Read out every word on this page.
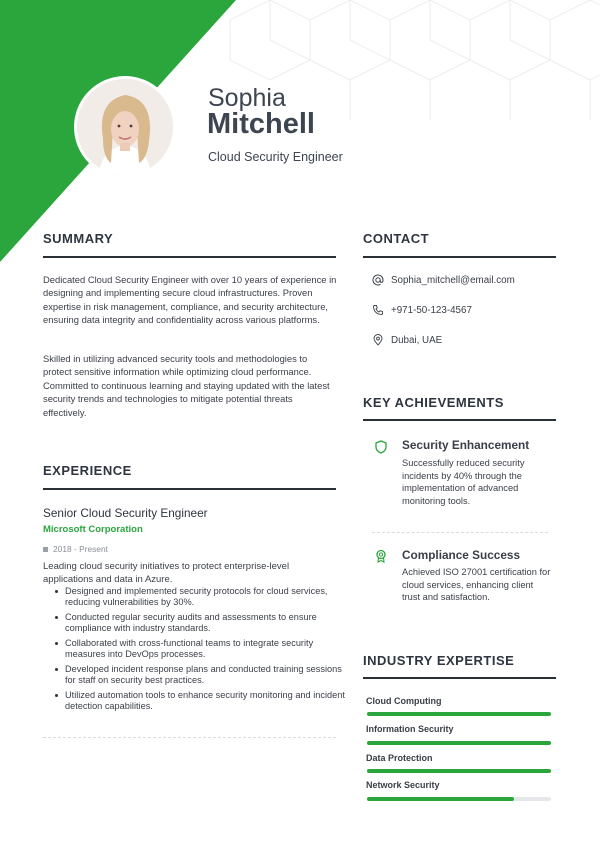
Sophia
Mitchell
Cloud Security Engineer
SUMMARY
Dedicated Cloud Security Engineer with over 10 years of experience in designing and implementing secure cloud infrastructures. Proven expertise in risk management, compliance, and security architecture, ensuring data integrity and confidentiality across various platforms.
Skilled in utilizing advanced security tools and methodologies to protect sensitive information while optimizing cloud performance. Committed to continuous learning and staying updated with the latest security trends and technologies to mitigate potential threats effectively.
EXPERIENCE
Senior Cloud Security Engineer
Microsoft Corporation
2018 - Present
Leading cloud security initiatives to protect enterprise-level applications and data in Azure.
Designed and implemented security protocols for cloud services, reducing vulnerabilities by 30%.
Conducted regular security audits and assessments to ensure compliance with industry standards.
Collaborated with cross-functional teams to integrate security measures into DevOps processes.
Developed incident response plans and conducted training sessions for staff on security best practices.
Utilized automation tools to enhance security monitoring and incident detection capabilities.
CONTACT
Sophia_mitchell@email.com
+971-50-123-4567
Dubai, UAE
KEY ACHIEVEMENTS
Security Enhancement
Successfully reduced security incidents by 40% through the implementation of advanced monitoring tools.
Compliance Success
Achieved ISO 27001 certification for cloud services, enhancing client trust and satisfaction.
INDUSTRY EXPERTISE
Cloud Computing
Information Security
Data Protection
Network Security
